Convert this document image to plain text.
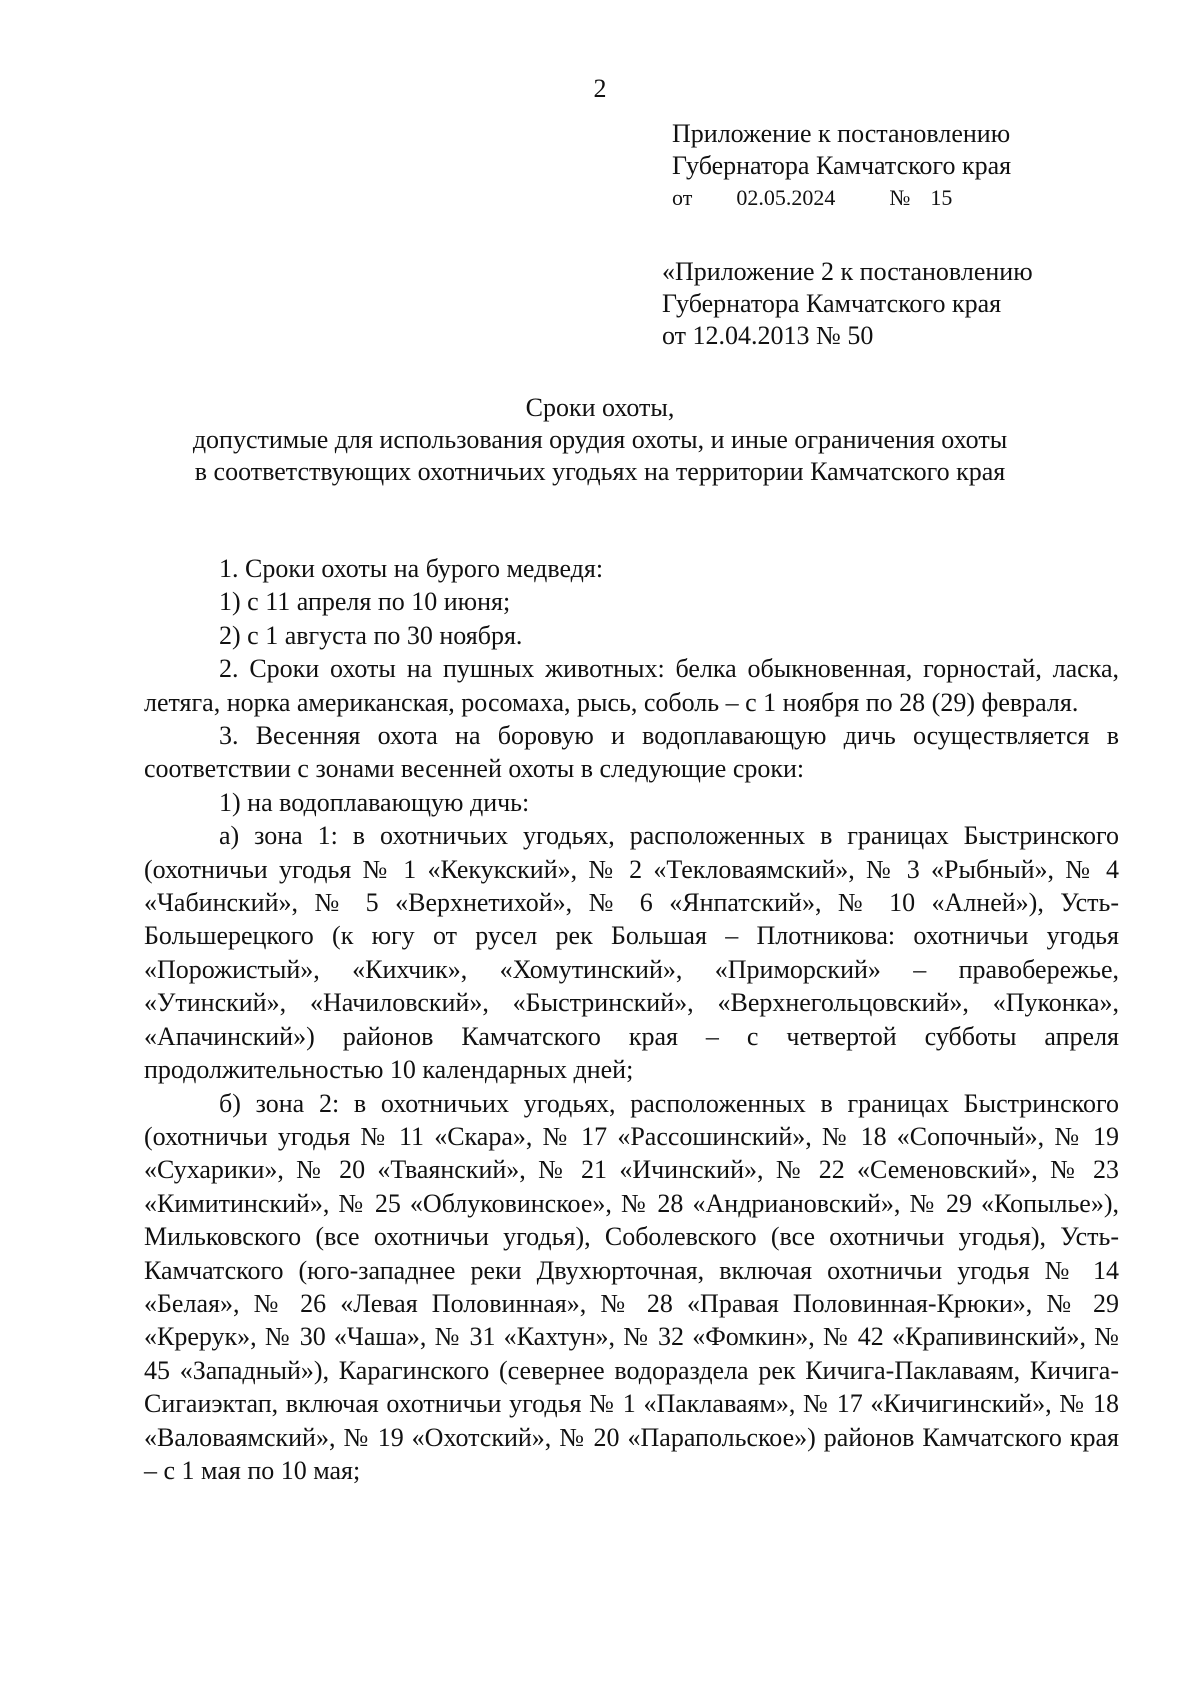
2
Приложение к постановлению
Губернатора Камчатского края
от 02.05.2024 № 15
«Приложение 2 к постановлению
Губернатора Камчатского края
от 12.04.2013 № 50
Сроки охоты,
допустимые для использования орудия охоты, и иные ограничения охоты
в соответствующих охотничьих угодьях на территории Камчатского края

1. Сроки охоты на бурого медведя:

1) с 11 апреля по 10 июня;

2) с 1 августа по 30 ноября.

2. Сроки охоты на пушных животных: белка обыкновенная, горностай, ласка, летяга, норка американская, росомаха, рысь, соболь – с 1 ноября по 28 (29) февраля.

3. Весенняя охота на боровую и водоплавающую дичь осуществляется в соответствии с зонами весенней охоты в следующие сроки:

1) на водоплавающую дичь:

а) зона 1: в охотничьих угодьях, расположенных в границах Быстринского (охотничьи угодья № 1 «Кекукский», № 2 «Текловаямский», № 3 «Рыбный», № 4 «Чабинский», № 5 «Верхнетихой», № 6 «Янпатский», № 10 «Алней»), Усть-Большерецкого (к югу от русел рек Большая – Плотникова: охотничьи угодья «Порожистый», «Кихчик», «Хомутинский», «Приморский» – правобережье, «Утинский», «Начиловский», «Быстринский», «Верхнегольцовский», «Пуконка», «Апачинский») районов Камчатского края – с четвертой субботы апреля продолжительностью 10 календарных дней;

б) зона 2: в охотничьих угодьях, расположенных в границах Быстринского (охотничьи угодья № 11 «Скара», № 17 «Рассошинский», № 18 «Сопочный», № 19 «Сухарики», № 20 «Тваянский», № 21 «Ичинский», № 22 «Семеновский», № 23 «Кимитинский», № 25 «Облуковинское», № 28 «Андриановский», № 29 «Копылье»), Мильковского (все охотничьи угодья), Соболевского (все охотничьи угодья), Усть-Камчатского (юго-западнее реки Двухюрточная, включая охотничьи угодья № 14 «Белая», № 26 «Левая Половинная», № 28 «Правая Половинная-Крюки», № 29 «Крерук», № 30 «Чаша», № 31 «Кахтун», № 32 «Фомкин», № 42 «Крапивинский», № 45 «Западный»), Карагинского (севернее водораздела рек Кичига-Паклаваям, Кичига-Сигаиэктап, включая охотничьи угодья № 1 «Паклаваям», № 17 «Кичигинский», № 18 «Валоваямский», № 19 «Охотский», № 20 «Парапольское») районов Камчатского края – с 1 мая по 10 мая;
